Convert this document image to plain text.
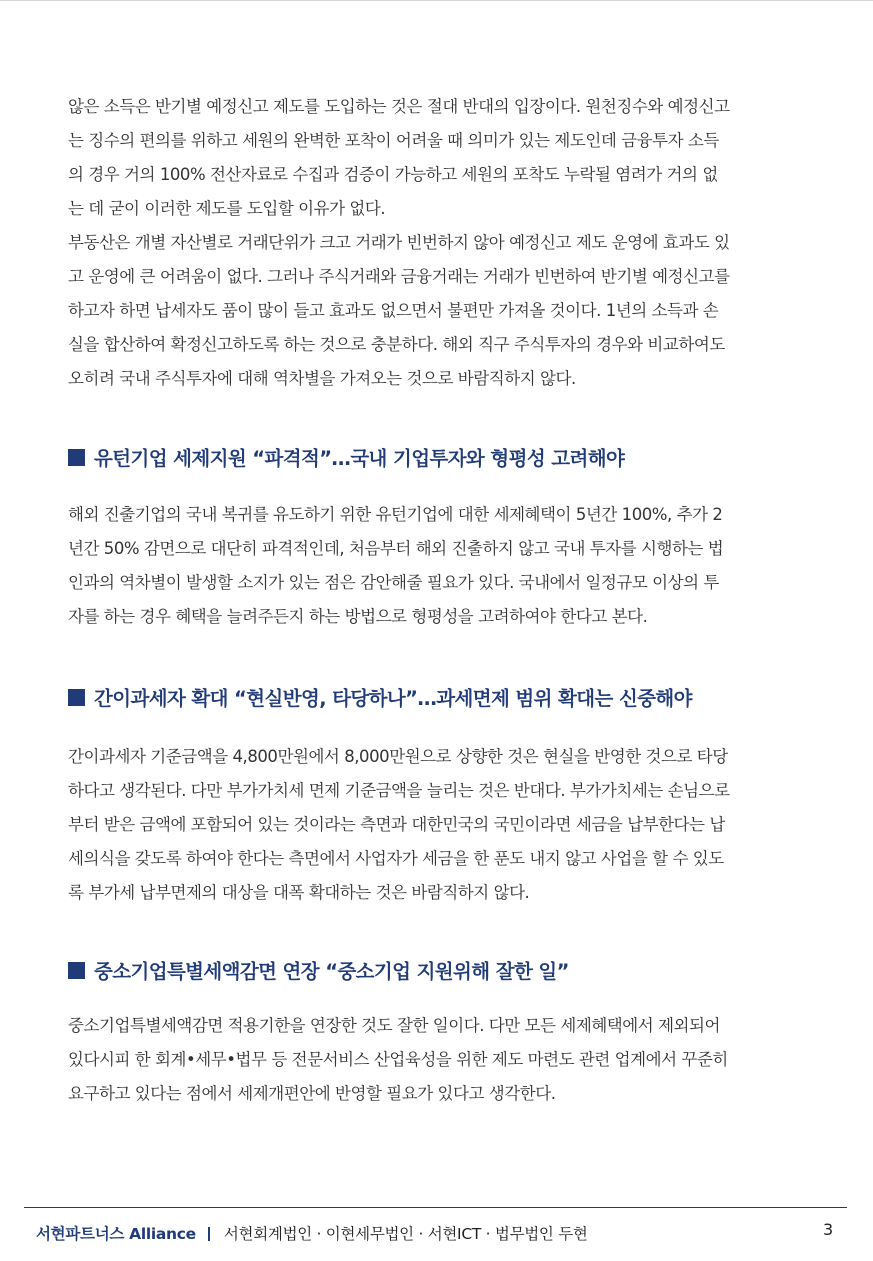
않은 소득은 반기별 예정신고 제도를 도입하는 것은 절대 반대의 입장이다. 원천징수와 예정신고
는 징수의 편의를 위하고 세원의 완벽한 포착이 어려울 때 의미가 있는 제도인데 금융투자 소득
의 경우 거의 100% 전산자료로 수집과 검증이 가능하고 세원의 포착도 누락될 염려가 거의 없
는 데 굳이 이러한 제도를 도입할 이유가 없다.
부동산은 개별 자산별로 거래단위가 크고 거래가 빈번하지 않아 예정신고 제도 운영에 효과도 있
고 운영에 큰 어려움이 없다. 그러나 주식거래와 금융거래는 거래가 빈번하여 반기별 예정신고를
하고자 하면 납세자도 품이 많이 들고 효과도 없으면서 불편만 가져올 것이다. 1년의 소득과 손
실을 합산하여 확정신고하도록 하는 것으로 충분하다. 해외 직구 주식투자의 경우와 비교하여도
오히려 국내 주식투자에 대해 역차별을 가져오는 것으로 바람직하지 않다.
유턴기업 세제지원 “파격적”…국내 기업투자와 형평성 고려해야
해외 진출기업의 국내 복귀를 유도하기 위한 유턴기업에 대한 세제혜택이 5년간 100%, 추가 2
년간 50% 감면으로 대단히 파격적인데, 처음부터 해외 진출하지 않고 국내 투자를 시행하는 법
인과의 역차별이 발생할 소지가 있는 점은 감안해줄 필요가 있다. 국내에서 일정규모 이상의 투
자를 하는 경우 혜택을 늘려주든지 하는 방법으로 형평성을 고려하여야 한다고 본다.
간이과세자 확대 “현실반영, 타당하나”…과세면제 범위 확대는 신중해야
간이과세자 기준금액을 4,800만원에서 8,000만원으로 상향한 것은 현실을 반영한 것으로 타당
하다고 생각된다. 다만 부가가치세 면제 기준금액을 늘리는 것은 반대다. 부가가치세는 손님으로
부터 받은 금액에 포함되어 있는 것이라는 측면과 대한민국의 국민이라면 세금을 납부한다는 납
세의식을 갖도록 하여야 한다는 측면에서 사업자가 세금을 한 푼도 내지 않고 사업을 할 수 있도
록 부가세 납부면제의 대상을 대폭 확대하는 것은 바람직하지 않다.
중소기업특별세액감면 연장 “중소기업 지원위해 잘한 일”
중소기업특별세액감면 적용기한을 연장한 것도 잘한 일이다. 다만 모든 세제혜택에서 제외되어
있다시피 한 회계•세무•법무 등 전문서비스 산업육성을 위한 제도 마련도 관련 업계에서 꾸준히
요구하고 있다는 점에서 세제개편안에 반영할 필요가 있다고 생각한다.
서현파트너스 Alliance 서현회계법인 · 이현세무법인 · 서현ICT · 법무법인 두현	3
